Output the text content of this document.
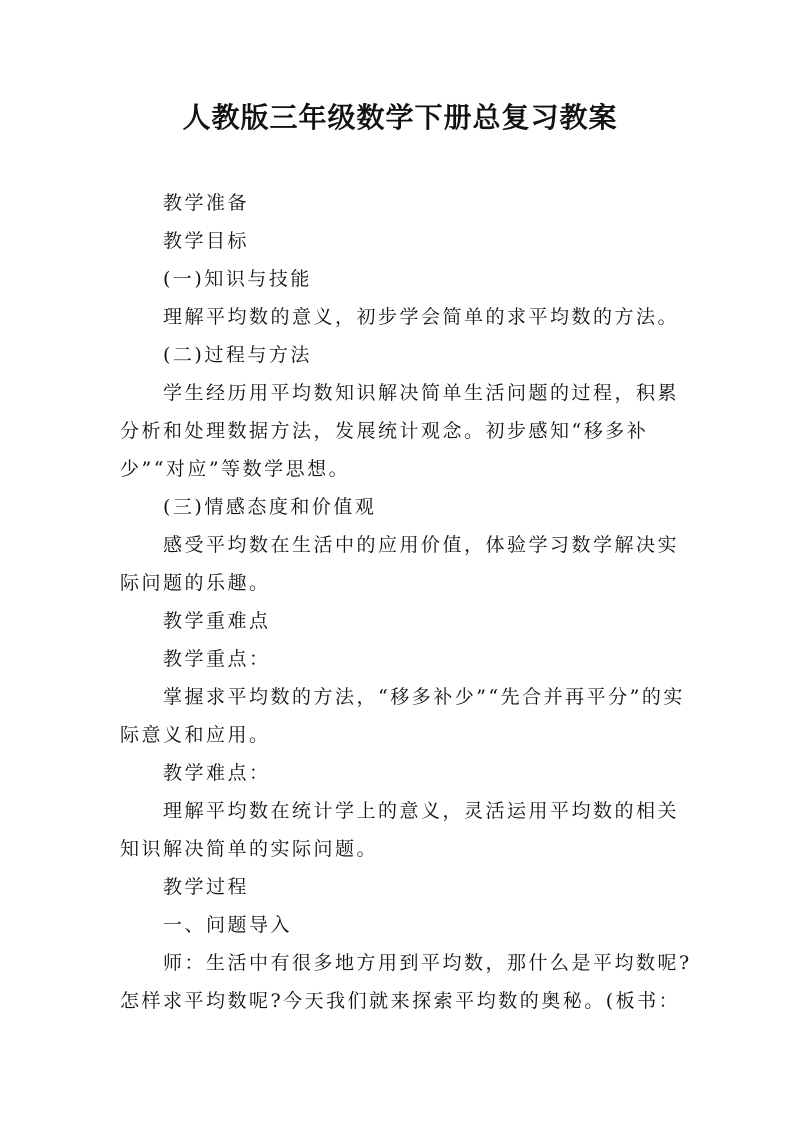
人教版三年级数学下册总复习教案

　　教学准备

　　教学目标

　　(一)知识与技能

　　理解平均数的意义，初步学会简单的求平均数的方法。

　　(二)过程与方法

　　学生经历用平均数知识解决简单生活问题的过程，积累分析和处理数据方法，发展统计观念。初步感知“移多补少”“对应”等数学思想。

　　(三)情感态度和价值观

　　感受平均数在生活中的应用价值，体验学习数学解决实际问题的乐趣。

　　教学重难点

　　教学重点：

　　掌握求平均数的方法，“移多补少”“先合并再平分”的实际意义和应用。

　　教学难点：

　　理解平均数在统计学上的意义，灵活运用平均数的相关知识解决简单的实际问题。

　　教学过程

　　一、问题导入

　　师：生活中有很多地方用到平均数，那什么是平均数呢?怎样求平均数呢?今天我们就来探索平均数的奥秘。(板书：
